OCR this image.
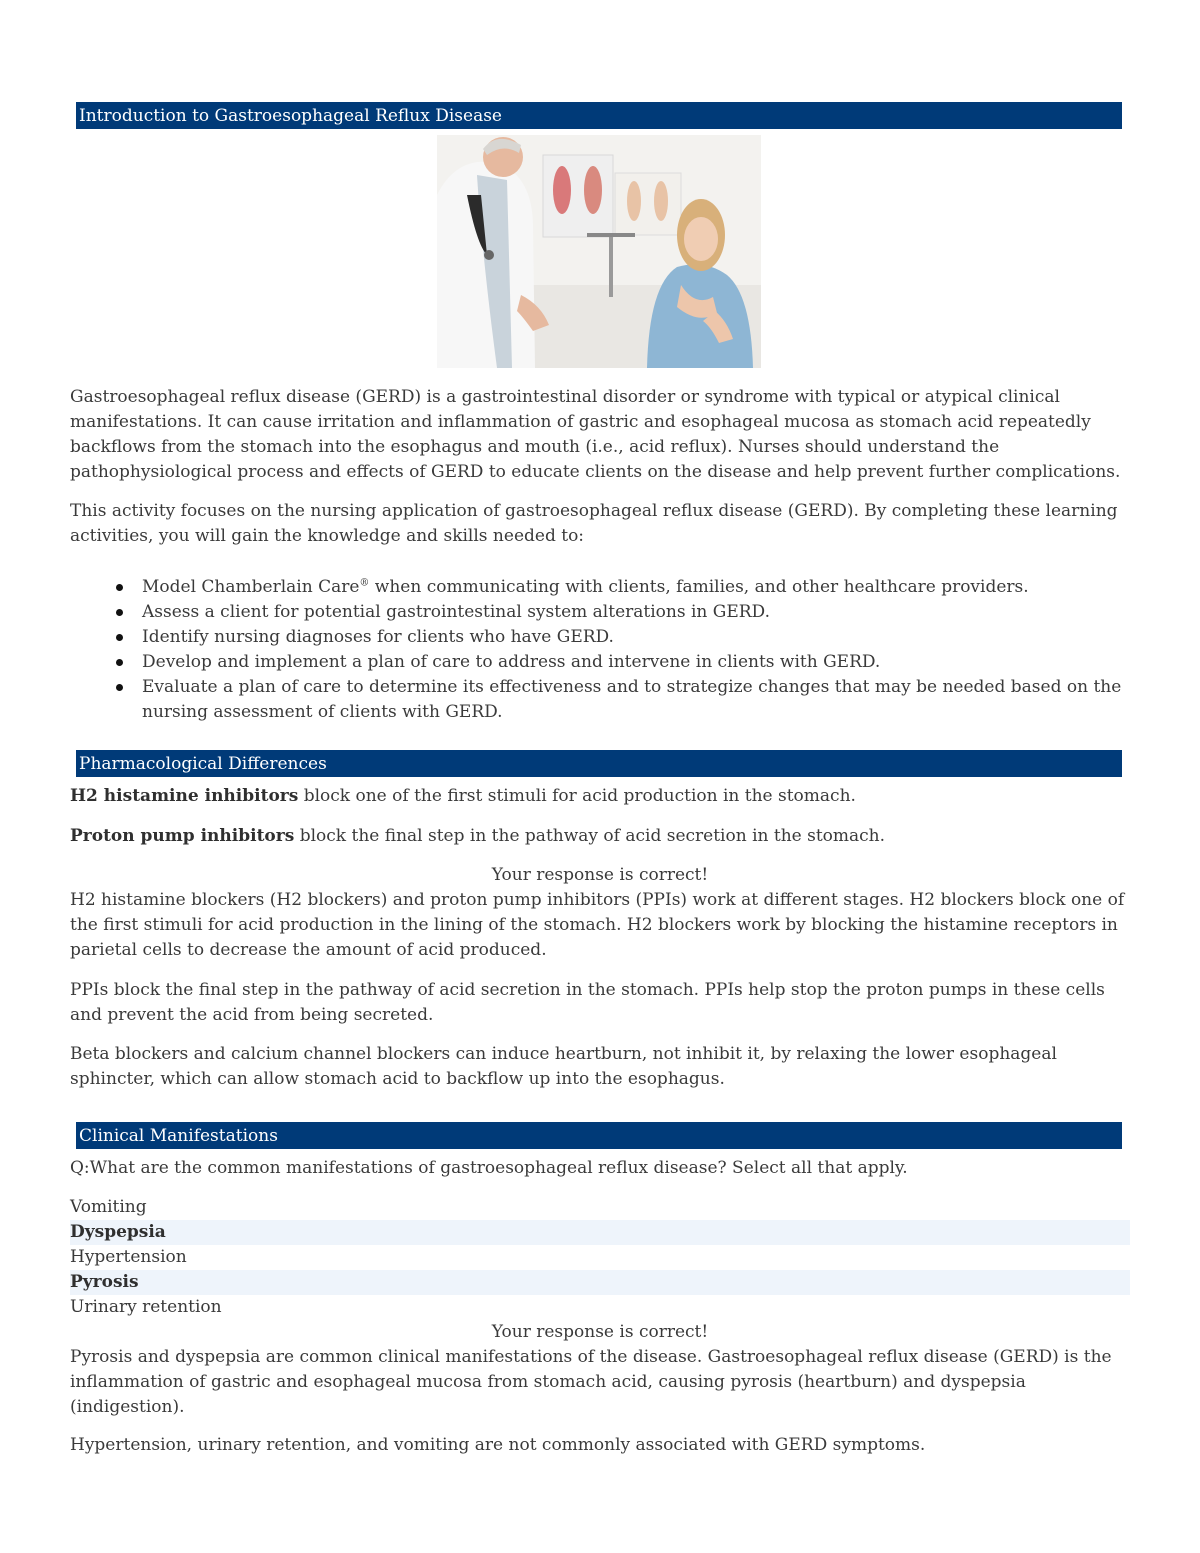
Introduction to Gastroesophageal Reflux Disease

Gastroesophageal reflux disease (GERD) is a gastrointestinal disorder or syndrome with typical or atypical clinical manifestations. It can cause irritation and inflammation of gastric and esophageal mucosa as stomach acid repeatedly backflows from the stomach into the esophagus and mouth (i.e., acid reflux). Nurses should understand the pathophysiological process and effects of GERD to educate clients on the disease and help prevent further complications.

This activity focuses on the nursing application of gastroesophageal reflux disease (GERD). By completing these learning activities, you will gain the knowledge and skills needed to:

Model Chamberlain Care® when communicating with clients, families, and other healthcare providers.
Assess a client for potential gastrointestinal system alterations in GERD.
Identify nursing diagnoses for clients who have GERD.
Develop and implement a plan of care to address and intervene in clients with GERD.
Evaluate a plan of care to determine its effectiveness and to strategize changes that may be needed based on the nursing assessment of clients with GERD.
Pharmacological Differences

H2 histamine inhibitors block one of the first stimuli for acid production in the stomach.

Proton pump inhibitors block the final step in the pathway of acid secretion in the stomach.

Your response is correct!

H2 histamine blockers (H2 blockers) and proton pump inhibitors (PPIs) work at different stages. H2 blockers block one of the first stimuli for acid production in the lining of the stomach. H2 blockers work by blocking the histamine receptors in parietal cells to decrease the amount of acid produced.

PPIs block the final step in the pathway of acid secretion in the stomach. PPIs help stop the proton pumps in these cells and prevent the acid from being secreted.

Beta blockers and calcium channel blockers can induce heartburn, not inhibit it, by relaxing the lower esophageal sphincter, which can allow stomach acid to backflow up into the esophagus.

Clinical Manifestations

Q:What are the common manifestations of gastroesophageal reflux disease? Select all that apply.

Vomiting
Dyspepsia
Hypertension
Pyrosis
Urinary retention

Your response is correct!

Pyrosis and dyspepsia are common clinical manifestations of the disease. Gastroesophageal reflux disease (GERD) is the inflammation of gastric and esophageal mucosa from stomach acid, causing pyrosis (heartburn) and dyspepsia (indigestion).

Hypertension, urinary retention, and vomiting are not commonly associated with GERD symptoms.
